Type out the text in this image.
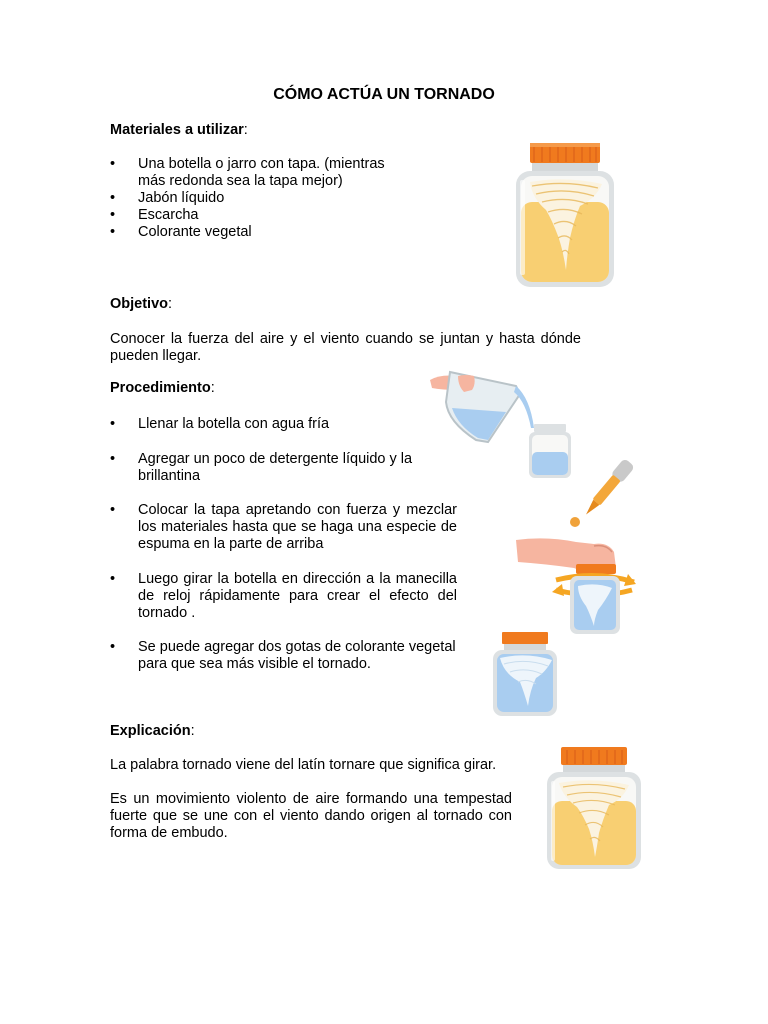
CÓMO ACTÚA UN TORNADO
Materiales a utilizar:
• Una botella o jarro con tapa. (mientras más redonda sea la tapa mejor)
• Jabón líquido
• Escarcha
• Colorante vegetal
Objetivo:
Conocer la fuerza del aire y el viento cuando se juntan y hasta dónde pueden llegar.
Procedimiento:
• Llenar la botella con agua fría
• Agregar un poco de detergente líquido y la brillantina
• Colocar la tapa apretando con fuerza y mezclar los materiales hasta que se haga una especie de espuma en la parte de arriba
• Luego girar la botella en dirección a la manecilla de reloj rápidamente para crear el efecto del tornado .
• Se puede agregar dos gotas de colorante vegetal para que sea más visible el tornado.
Explicación:
La palabra tornado viene del latín tornare que significa girar.
Es un movimiento violento de aire formando una tempestad fuerte que se une con el viento dando origen al tornado con forma de embudo.
